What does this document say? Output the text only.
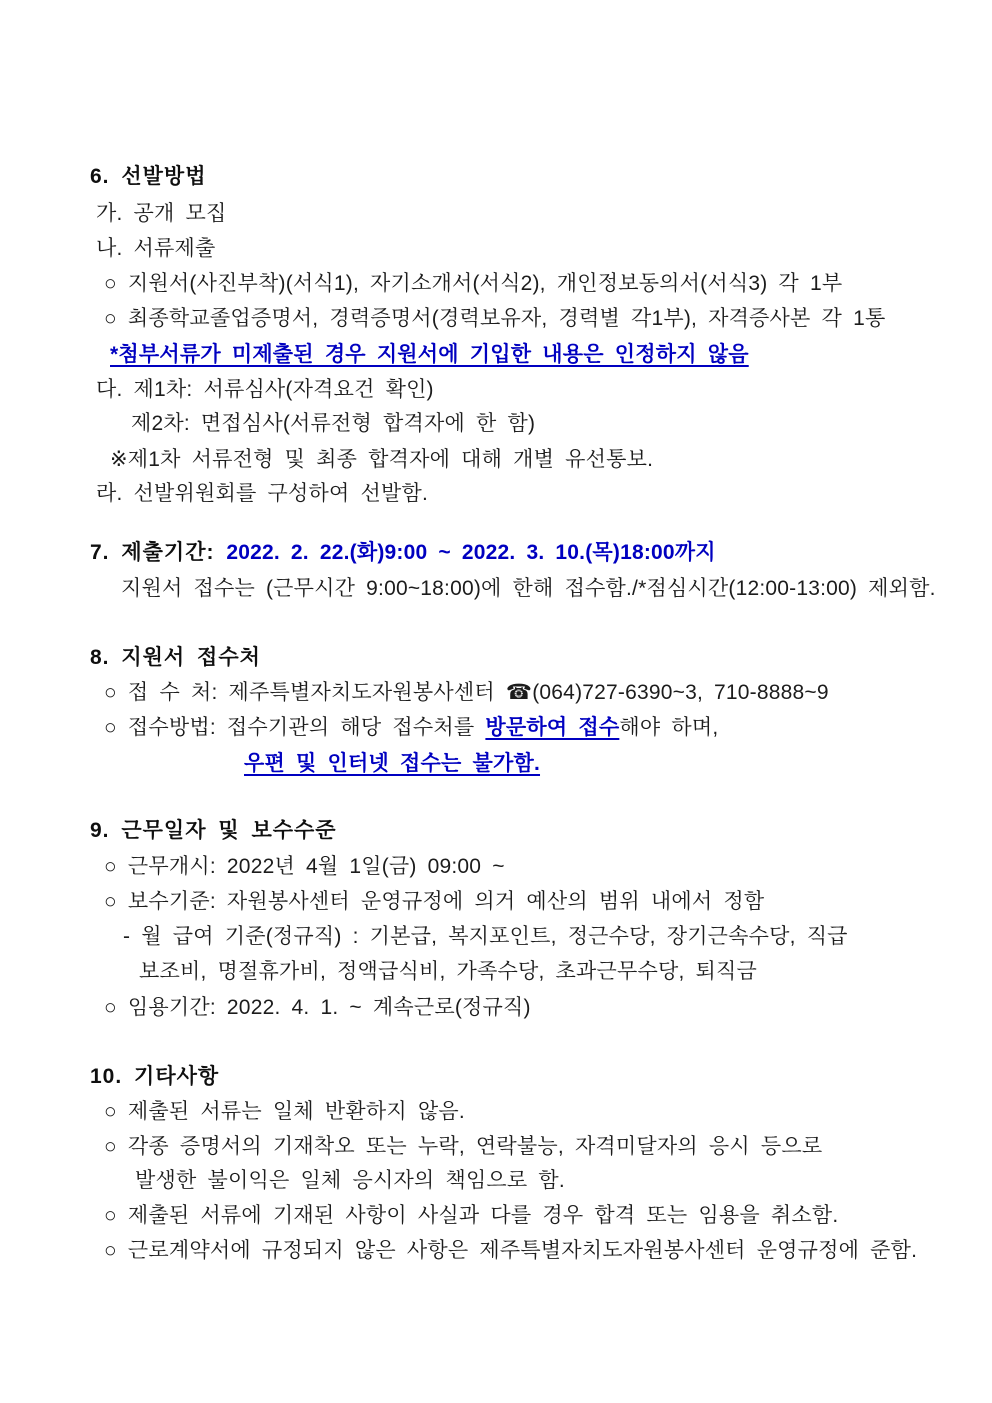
6. 선발방법
가. 공개 모집
나. 서류제출
○ 지원서(사진부착)(서식1), 자기소개서(서식2), 개인정보동의서(서식3) 각 1부
○ 최종학교졸업증명서, 경력증명서(경력보유자, 경력별 각1부), 자격증사본 각 1통
*첨부서류가 미제출된 경우 지원서에 기입한 내용은 인정하지 않음
다. 제1차: 서류심사(자격요건 확인)
제2차: 면접심사(서류전형 합격자에 한 함)
※제1차 서류전형 및 최종 합격자에 대해 개별 유선통보.
라. 선발위원회를 구성하여 선발함.
7. 제출기간: 2022. 2. 22.(화)9:00 ~ 2022. 3. 10.(목)18:00까지
지원서 접수는 (근무시간 9:00~18:00)에 한해 접수함./*점심시간(12:00-13:00) 제외함.
8. 지원서 접수처
○ 접 수 처: 제주특별자치도자원봉사센터 ☎(064)727-6390~3, 710-8888~9
○ 접수방법: 접수기관의 해당 접수처를 방문하여 접수해야 하며,
우편 및 인터넷 접수는 불가함.
9. 근무일자 및 보수수준
○ 근무개시: 2022년 4월 1일(금) 09:00 ~
○ 보수기준: 자원봉사센터 운영규정에 의거 예산의 범위 내에서 정함
- 월 급여 기준(정규직) : 기본급, 복지포인트, 정근수당, 장기근속수당, 직급
보조비, 명절휴가비, 정액급식비, 가족수당, 초과근무수당, 퇴직금
○ 임용기간: 2022. 4. 1. ~ 계속근로(정규직)
10. 기타사항
○ 제출된 서류는 일체 반환하지 않음.
○ 각종 증명서의 기재착오 또는 누락, 연락불능, 자격미달자의 응시 등으로
발생한 불이익은 일체 응시자의 책임으로 함.
○ 제출된 서류에 기재된 사항이 사실과 다를 경우 합격 또는 임용을 취소함.
○ 근로계약서에 규정되지 않은 사항은 제주특별자치도자원봉사센터 운영규정에 준함.
